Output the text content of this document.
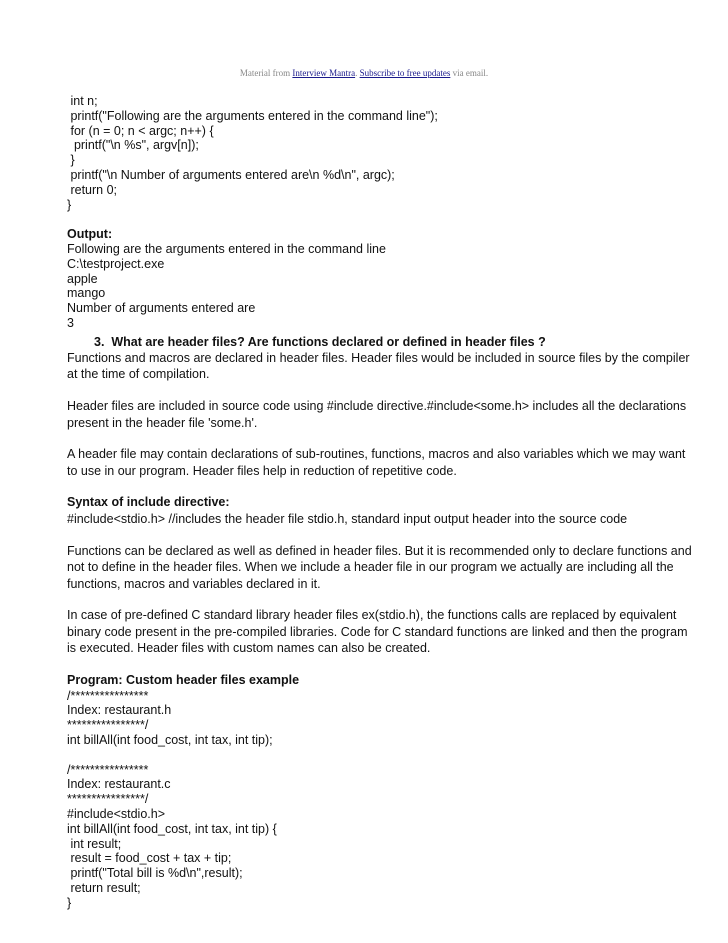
Material from Interview Mantra. Subscribe to free updates via email.
int n;
printf("Following are the arguments entered in the command line");
for (n = 0; n < argc; n++) {
printf("\n %s", argv[n]);
}
printf("\n Number of arguments entered are\n %d\n", argc);
return 0;
}
Output:
Following are the arguments entered in the command line
C:\testproject.exe
apple
mango
Number of arguments entered are
3
3.  What are header files? Are functions declared or defined in header files ?
Functions and macros are declared in header files. Header files would be included in source files by the compiler at the time of compilation.
Header files are included in source code using #include directive.#include<some.h> includes all the declarations present in the header file 'some.h'.
A header file may contain declarations of sub-routines, functions, macros and also variables which we may want to use in our program. Header files help in reduction of repetitive code.
Syntax of include directive:
#include<stdio.h> //includes the header file stdio.h, standard input output header into the source code
Functions can be declared as well as defined in header files. But it is recommended only to declare functions and not to define in the header files. When we include a header file in our program we actually are including all the functions, macros and variables declared in it.
In case of pre-defined C standard library header files ex(stdio.h), the functions calls are replaced by equivalent binary code present in the pre-compiled libraries. Code for C standard functions are linked and then the program is executed. Header files with custom names can also be created.
Program: Custom header files example
/****************
Index: restaurant.h
****************/
int billAll(int food_cost, int tax, int tip);
/****************
Index: restaurant.c
****************/
#include<stdio.h>
int billAll(int food_cost, int tax, int tip) {
int result;
result = food_cost + tax + tip;
printf("Total bill is %d\n",result);
return result;
}
